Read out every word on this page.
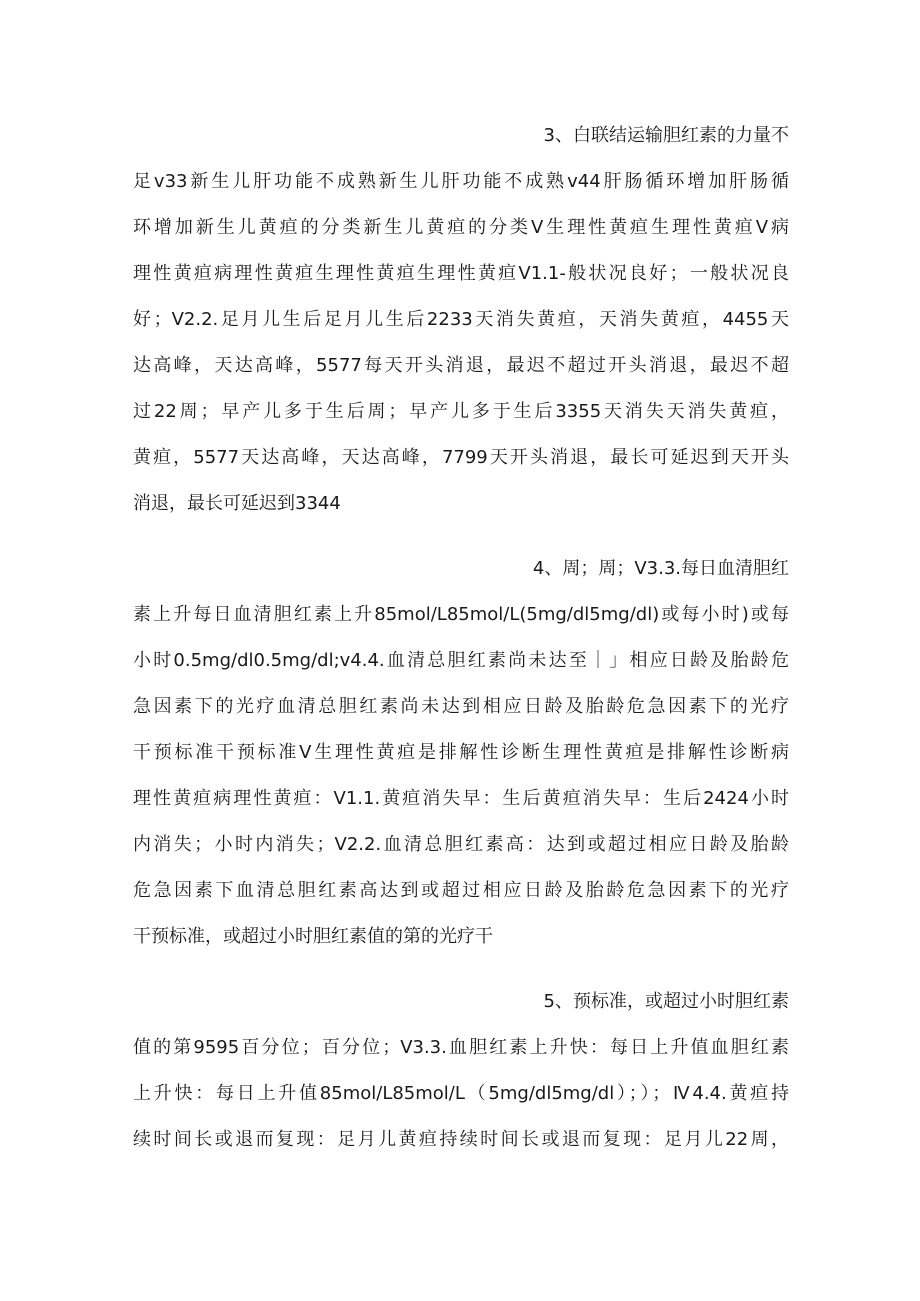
3、白联结运输胆红素的力量不
足v33新生儿肝功能不成熟新生儿肝功能不成熟v44肝肠循环增加肝肠循
环增加新生儿黄疸的分类新生儿黄疸的分类V生理性黄疸生理性黄疸V病
理性黄疸病理性黄疸生理性黄疸生理性黄疸V1.1-般状况良好；一般状况良
好；V2.2.足月儿生后足月儿生后2233天消失黄疸，天消失黄疸，4455天
达高峰，天达高峰，5577每天开头消退，最迟不超过开头消退，最迟不超
过22周；早产儿多于生后周；早产儿多于生后3355天消失天消失黄疸，
黄疸，5577天达高峰，天达高峰，7799天开头消退，最长可延迟到天开头
消退，最长可延迟到3344
4、周；周；V3.3.每日血清胆红
素上升每日血清胆红素上升85mol∕L85mol∕L(5mg∕dl5mg∕dl)或每小时)或每
小时0.5mg∕dl0.5mg∕dl;v4.4.血清总胆红素尚未达至｜」相应日龄及胎龄危
急因素下的光疗血清总胆红素尚未达到相应日龄及胎龄危急因素下的光疗
干预标准干预标准V生理性黄疸是排解性诊断生理性黄疸是排解性诊断病
理性黄疸病理性黄疸：V1.1.黄疸消失早：生后黄疸消失早：生后2424小时
内消失；小时内消失；V2.2.血清总胆红素高：达到或超过相应日龄及胎龄
危急因素下血清总胆红素高达到或超过相应日龄及胎龄危急因素下的光疗
干预标准，或超过小时胆红素值的第的光疗干
5、预标准，或超过小时胆红素
值的第9595百分位；百分位；V3.3.血胆红素上升快：每日上升值血胆红素
上升快：每日上升值85mol∕L85mol∕L（5mg∕dl5mg∕dl）；）；Ⅳ4.4.黄疸持
续时间长或退而复现：足月儿黄疸持续时间长或退而复现：足月儿22周，
